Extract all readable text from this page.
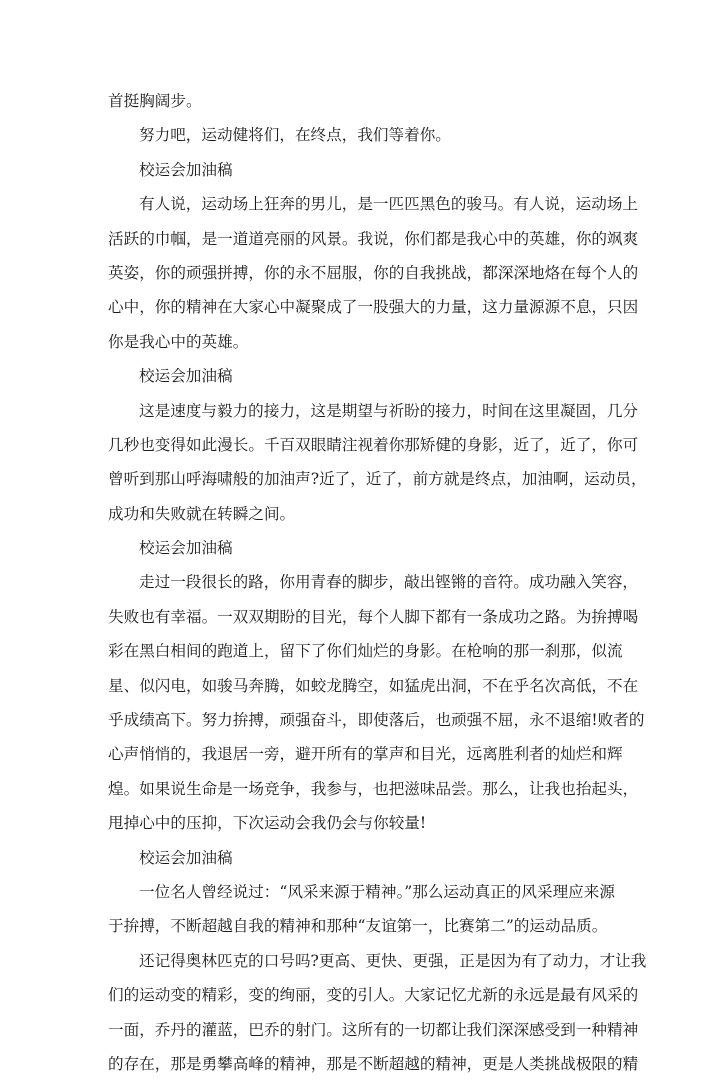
首挺胸阔步。
努力吧，运动健将们，在终点，我们等着你。
校运会加油稿
有人说，运动场上狂奔的男儿，是一匹匹黑色的骏马。有人说，运动场上
活跃的巾帼，是一道道亮丽的风景。我说，你们都是我心中的英雄，你的飒爽
英姿，你的顽强拼搏，你的永不屈服，你的自我挑战，都深深地烙在每个人的
心中，你的精神在大家心中凝聚成了一股强大的力量，这力量源源不息，只因
你是我心中的英雄。
校运会加油稿
这是速度与毅力的接力，这是期望与祈盼的接力，时间在这里凝固，几分
几秒也变得如此漫长。千百双眼睛注视着你那矫健的身影，近了，近了，你可
曾听到那山呼海啸般的加油声?近了，近了，前方就是终点，加油啊，运动员，
成功和失败就在转瞬之间。
校运会加油稿
走过一段很长的路，你用青春的脚步，敲出铿锵的音符。成功融入笑容，
失败也有幸福。一双双期盼的目光，每个人脚下都有一条成功之路。为拚搏喝
彩在黑白相间的跑道上，留下了你们灿烂的身影。在枪响的那一刹那，似流
星、似闪电，如骏马奔腾，如蛟龙腾空，如猛虎出洞，不在乎名次高低，不在
乎成绩高下。努力拚搏，顽强奋斗，即使落后，也顽强不屈，永不退缩!败者的
心声悄悄的，我退居一旁，避开所有的掌声和目光，远离胜利者的灿烂和辉
煌。如果说生命是一场竞争，我参与，也把滋味品尝。那么，让我也抬起头，
甩掉心中的压抑，下次运动会我仍会与你较量!
校运会加油稿
一位名人曾经说过：“风采来源于精神。”那么运动真正的风采理应来源
于拚搏，不断超越自我的精神和那种“友谊第一，比赛第二”的运动品质。
还记得奥林匹克的口号吗?更高、更快、更强，正是因为有了动力，才让我
们的运动变的精彩，变的绚丽，变的引人。大家记忆尤新的永远是最有风采的
一面，乔丹的灌蓝，巴乔的射门。这所有的一切都让我们深深感受到一种精神
的存在，那是勇攀高峰的精神，那是不断超越的精神，更是人类挑战极限的精
